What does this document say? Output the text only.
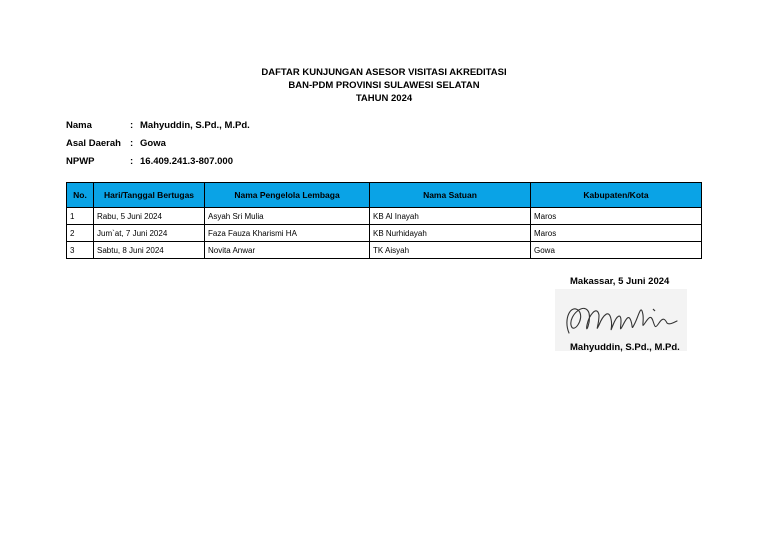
DAFTAR KUNJUNGAN ASESOR VISITASI AKREDITASI
BAN-PDM PROVINSI SULAWESI SELATAN
TAHUN 2024
Nama	: Mahyuddin, S.Pd., M.Pd.
Asal Daerah : Gowa
NPWP	: 16.409.241.3-807.000
No.	Hari/Tanggal Bertugas	Nama Pengelola Lembaga	Nama Satuan	Kabupaten/Kota
1	Rabu, 5 Juni 2024	Asyah Sri Mulia	KB Al Inayah	Maros
2	Jum`at, 7 Juni 2024	Faza Fauza Kharismi HA	KB Nurhidayah	Maros
3	Sabtu, 8 Juni 2024	Novita Anwar	TK Aisyah	Gowa
Makassar, 5 Juni 2024
Mahyuddin, S.Pd., M.Pd.
